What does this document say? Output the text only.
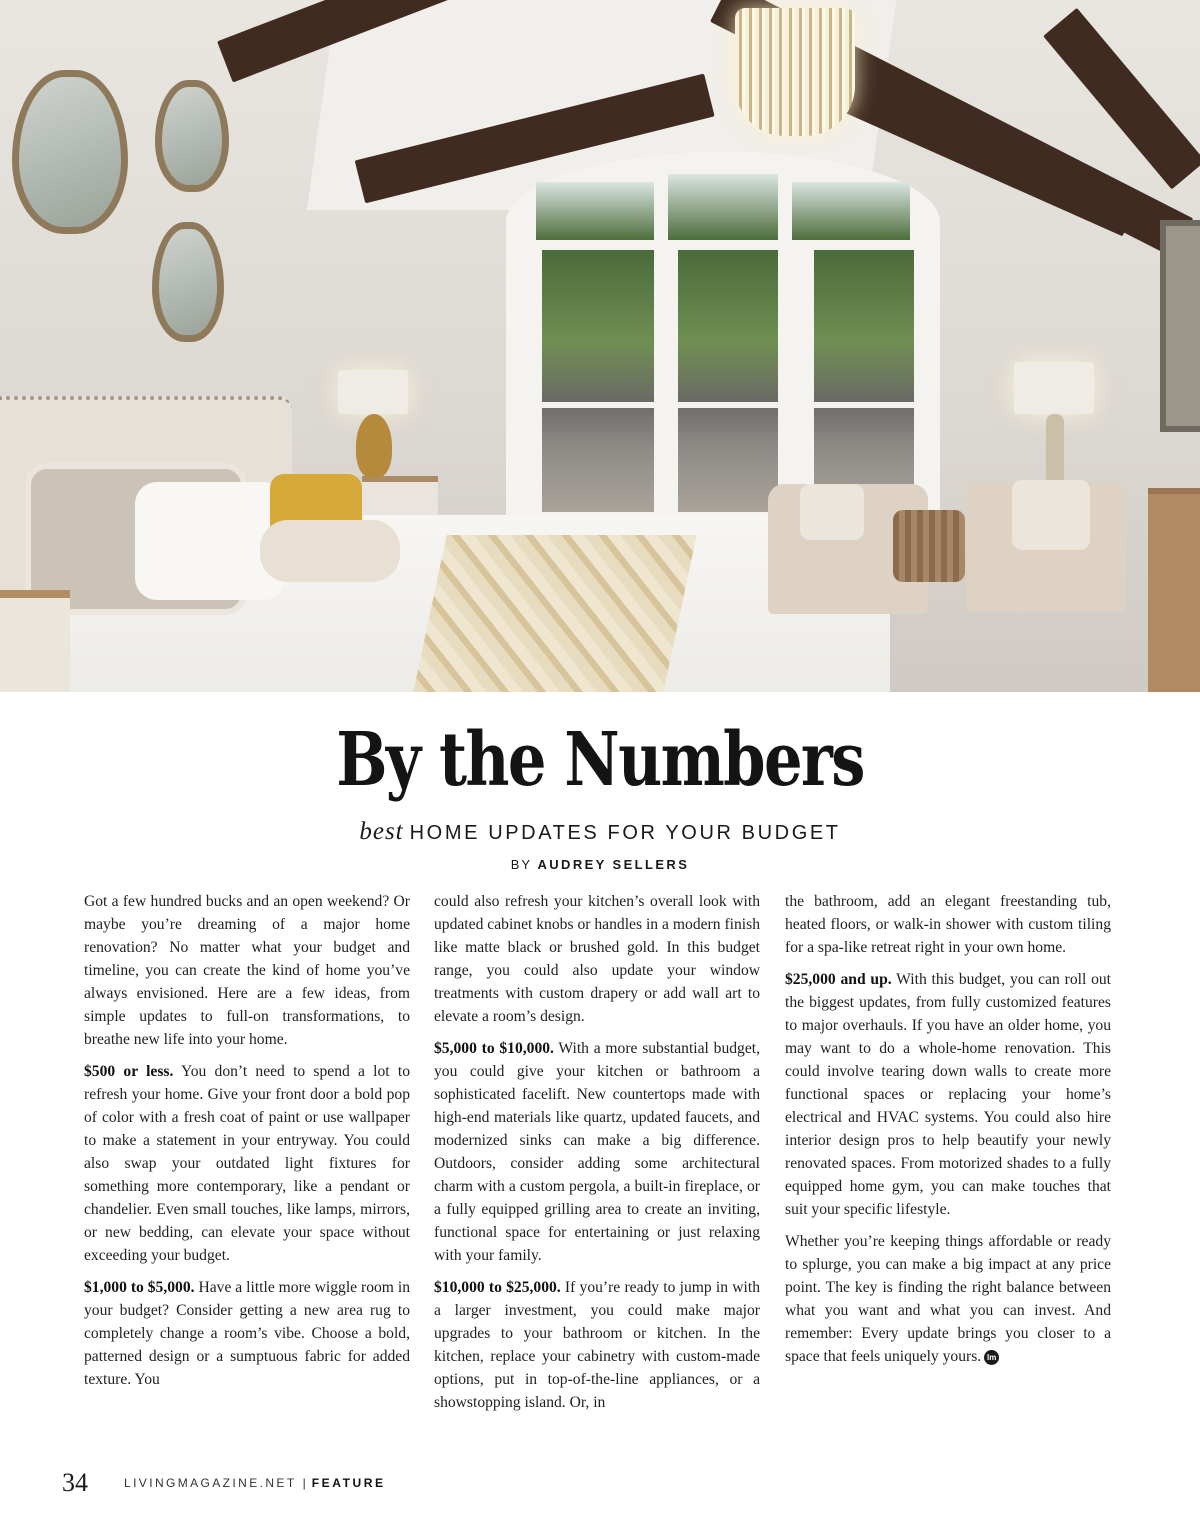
By the Numbers
best HOME UPDATES FOR YOUR BUDGET
BY AUDREY SELLERS

Got a few hundred bucks and an open weekend? Or maybe you’re dreaming of a major home renovation? No matter what your budget and timeline, you can create the kind of home you’ve always envisioned. Here are a few ideas, from simple updates to full-on transformations, to breathe new life into your home.

$500 or less. You don’t need to spend a lot to refresh your home. Give your front door a bold pop of color with a fresh coat of paint or use wallpaper to make a statement in your entryway. You could also swap your outdated light fixtures for something more contemporary, like a pendant or chandelier. Even small touches, like lamps, mirrors, or new bedding, can elevate your space without exceeding your budget.

$1,000 to $5,000. Have a little more wiggle room in your budget? Consider getting a new area rug to completely change a room’s vibe. Choose a bold, patterned design or a sumptuous fabric for added texture. You

could also refresh your kitchen’s overall look with updated cabinet knobs or handles in a modern finish like matte black or brushed gold. In this budget range, you could also update your window treatments with custom drapery or add wall art to elevate a room’s design.

$5,000 to $10,000. With a more substantial budget, you could give your kitchen or bathroom a sophisticated facelift. New countertops made with high-end materials like quartz, updated faucets, and modernized sinks can make a big difference. Outdoors, consider adding some architectural charm with a custom pergola, a built-in fireplace, or a fully equipped grilling area to create an inviting, functional space for entertaining or just relaxing with your family.

$10,000 to $25,000. If you’re ready to jump in with a larger investment, you could make major upgrades to your bathroom or kitchen. In the kitchen, replace your cabinetry with custom-made options, put in top-of-the-line appliances, or a showstopping island. Or, in

the bathroom, add an elegant freestanding tub, heated floors, or walk-in shower with custom tiling for a spa-like retreat right in your own home.

$25,000 and up. With this budget, you can roll out the biggest updates, from fully customized features to major overhauls. If you have an older home, you may want to do a whole-home renovation. This could involve tearing down walls to create more functional spaces or replacing your home’s electrical and HVAC systems. You could also hire interior design pros to help beautify your newly renovated spaces. From motorized shades to a fully equipped home gym, you can make touches that suit your specific lifestyle.

Whether you’re keeping things affordable or ready to splurge, you can make a big impact at any price point. The key is finding the right balance between what you want and what you can invest. And remember: Every update brings you closer to a space that feels uniquely yours. lm

34	LIVINGMAGAZINE.NET | FEATURE
